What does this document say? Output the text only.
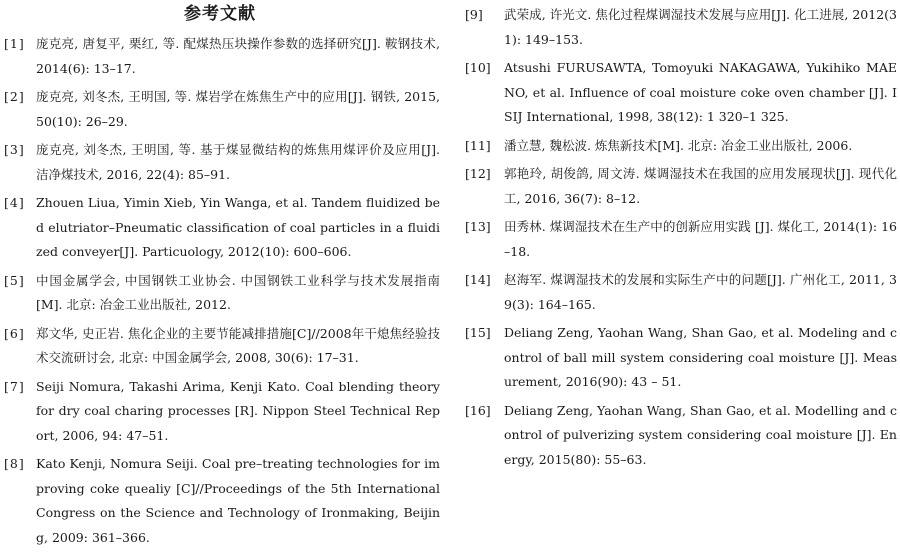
参考文献
[1] 庞克亮, 唐复平, 栗红, 等. 配煤热压块操作参数的选择研究[J]. 鞍钢技术, 2014(6): 13–17.
[2] 庞克亮, 刘冬杰, 王明国, 等. 煤岩学在炼焦生产中的应用[J]. 钢铁, 2015, 50(10): 26–29.
[3] 庞克亮, 刘冬杰, 王明国, 等. 基于煤显微结构的炼焦用煤评价及应用[J]. 洁净煤技术, 2016, 22(4): 85–91.
[4] Zhouen Liua, Yimin Xieb, Yin Wanga, et al. Tandem fluidized bed elutriator–Pneumatic classification of coal particles in a fluidized conveyer[J]. Particuology, 2012(10): 600–606.
[5] 中国金属学会, 中国钢铁工业协会. 中国钢铁工业科学与技术发展指南[M]. 北京: 冶金工业出版社, 2012.
[6] 郑文华, 史正岩. 焦化企业的主要节能减排措施[C]//2008年干熄焦经验技术交流研讨会, 北京: 中国金属学会, 2008, 30(6): 17–31.
[7] Seiji Nomura, Takashi Arima, Kenji Kato. Coal blending theory for dry coal charing processes [R]. Nippon Steel Technical Report, 2006, 94: 47–51.
[8] Kato Kenji, Nomura Seiji. Coal pre–treating technologies for improving coke quealiy [C]//Proceedings of the 5th International Congress on the Science and Technology of Ironmaking, Beijing, 2009: 361–366.
[9] 武荣成, 许光文. 焦化过程煤调湿技术发展与应用[J]. 化工进展, 2012(31): 149–153.
[10] Atsushi FURUSAWTA, Tomoyuki NAKAGAWA, Yukihiko MAENO, et al. Influence of coal moisture coke oven chamber [J]. ISIJ International, 1998, 38(12): 1 320–1 325.
[11] 潘立慧, 魏松波. 炼焦新技术[M]. 北京: 冶金工业出版社, 2006.
[12] 郭艳玲, 胡俊鸽, 周文涛. 煤调湿技术在我国的应用发展现状[J]. 现代化工, 2016, 36(7): 8–12.
[13] 田秀林. 煤调湿技术在生产中的创新应用实践 [J]. 煤化工, 2014(1): 16–18.
[14] 赵海军. 煤调湿技术的发展和实际生产中的问题[J]. 广州化工, 2011, 39(3): 164–165.
[15] Deliang Zeng, Yaohan Wang, Shan Gao, et al. Modeling and control of ball mill system considering coal moisture [J]. Measurement, 2016(90): 43 – 51.
[16] Deliang Zeng, Yaohan Wang, Shan Gao, et al. Modelling and control of pulverizing system considering coal moisture [J]. Energy, 2015(80): 55–63.
